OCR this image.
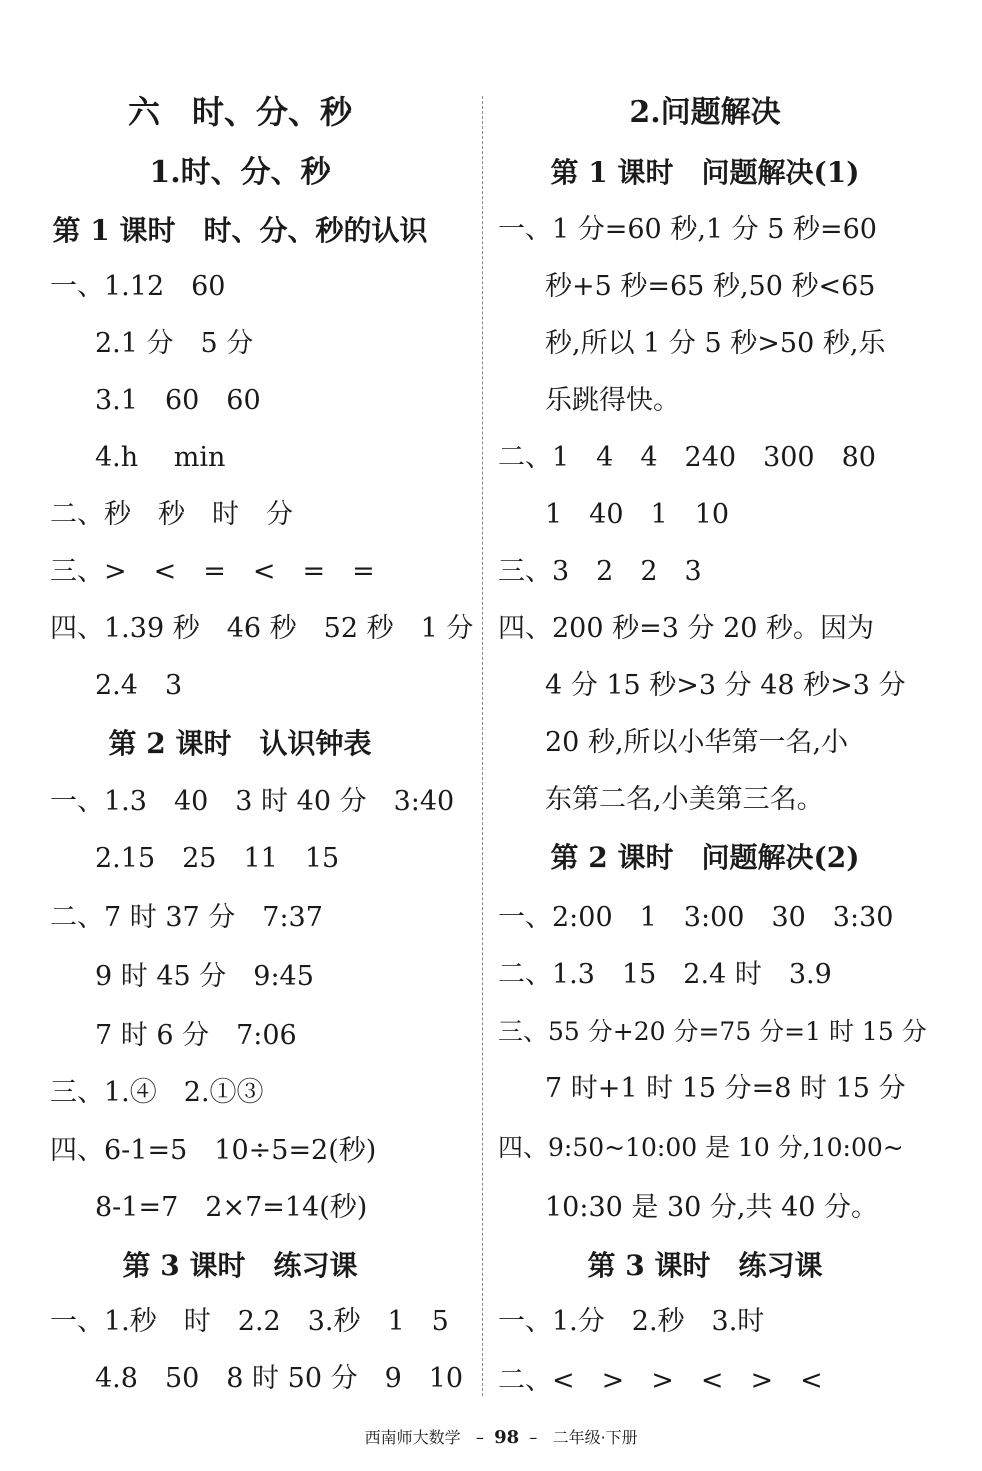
六　时、分、秒
1.时、分、秒
第 1 课时　时、分、秒的认识
一、1.12　60
2.1 分　5 分
3.1　60　60
4.h　 min
二、秒　秒　时　分
三、>　<　=　<　=　=
四、1.39 秒　46 秒　52 秒　1 分
2.4　3
第 2 课时　认识钟表
一、1.3　40　3 时 40 分　3:40
2.15　25　11　15
二、7 时 37 分　7:37
9 时 45 分　9:45
7 时 6 分　7:06
三、1.④　2.①③
四、6-1=5　10÷5=2(秒)
8-1=7　2×7=14(秒)
第 3 课时　练习课
一、1.秒　时　2.2　3.秒　1　5
4.8　50　8 时 50 分　9　10
2.问题解决
第 1 课时　问题解决(1)
一、1 分=60 秒,1 分 5 秒=60
秒+5 秒=65 秒,50 秒<65
秒,所以 1 分 5 秒>50 秒,乐
乐跳得快。
二、1　4　4　240　300　80
1　40　1　10
三、3　2　2　3
四、200 秒=3 分 20 秒。因为
4 分 15 秒>3 分 48 秒>3 分
20 秒,所以小华第一名,小
东第二名,小美第三名。
第 2 课时　问题解决(2)
一、2:00　1　3:00　30　3:30
二、1.3　15　2.4 时　3.9
三、55 分+20 分=75 分=1 时 15 分
7 时+1 时 15 分=8 时 15 分
四、9:50~10:00 是 10 分,10:00~
10:30 是 30 分,共 40 分。
第 3 课时　练习课
一、1.分　2.秒　3.时
二、<　>　>　<　>　<

西南师大数学   –  98  –   二年级·下册
